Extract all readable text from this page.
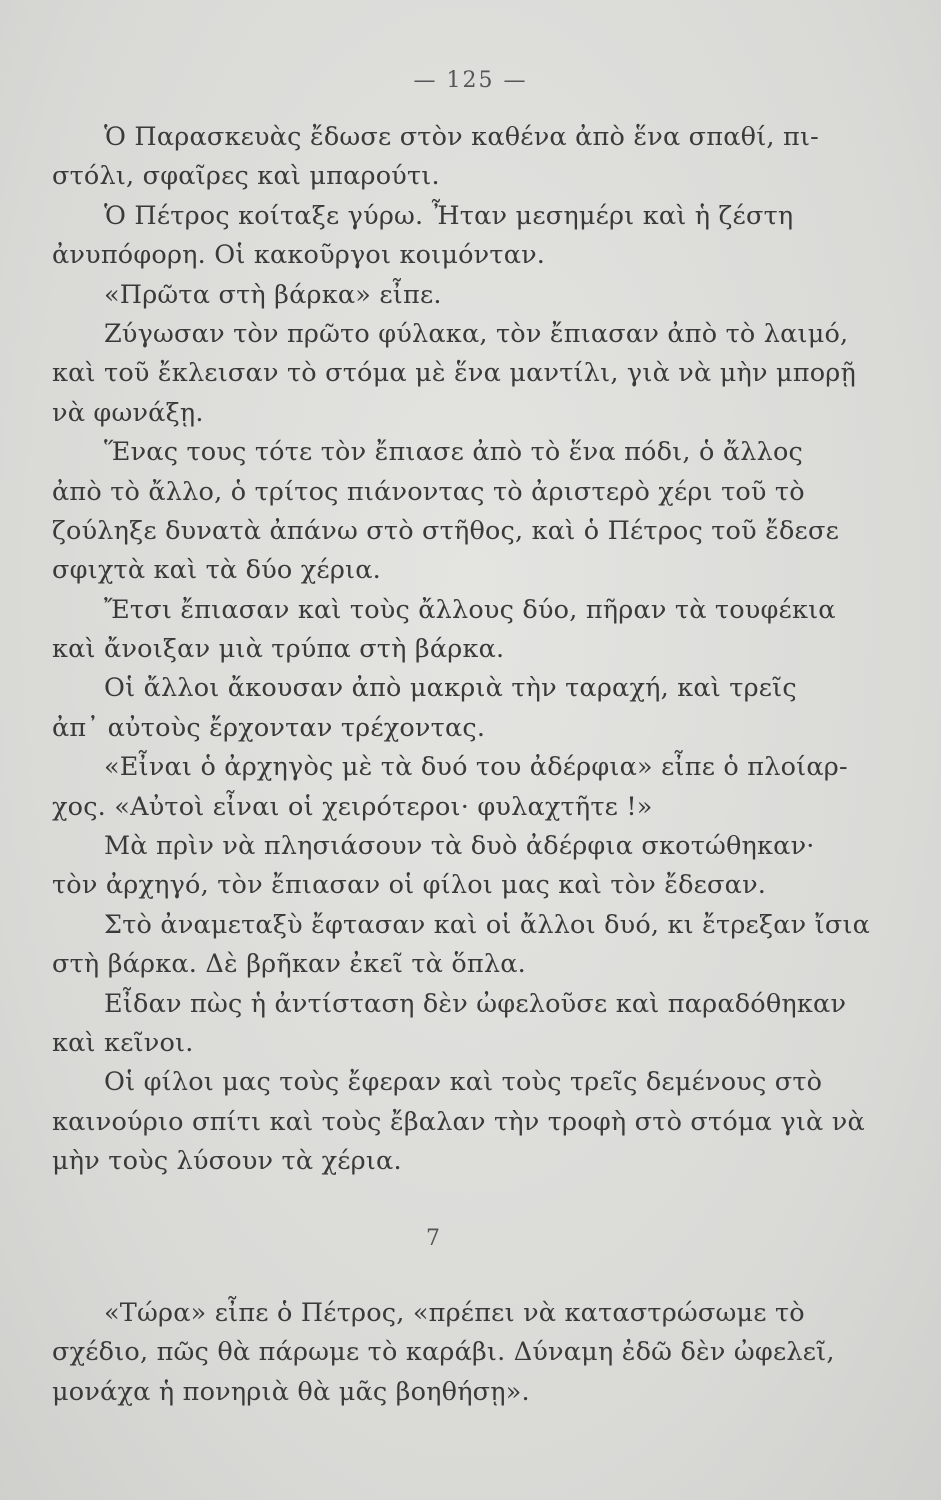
— 125 —
Ὁ Παρασκευὰς ἔδωσε στὸν καθένα ἀπὸ ἕνα σπαθί, πι-
στόλι, σφαῖρες καὶ μπαρούτι.
Ὁ Πέτρος κοίταξε γύρω. Ἦταν μεσημέρι καὶ ἡ ζέστη
ἀνυπόφορη. Οἱ κακοῦργοι κοιμόνταν.
«Πρῶτα στὴ βάρκα» εἶπε.
Ζύγωσαν τὸν πρῶτο φύλακα, τὸν ἔπιασαν ἀπὸ τὸ λαιμό,
καὶ τοῦ ἔκλεισαν τὸ στόμα μὲ ἕνα μαντίλι, γιὰ νὰ μὴν μπορῇ
νὰ φωνάξῃ.
Ἕνας τους τότε τὸν ἔπιασε ἀπὸ τὸ ἕνα πόδι, ὁ ἄλλος
ἀπὸ τὸ ἄλλο, ὁ τρίτος πιάνοντας τὸ ἀριστερὸ χέρι τοῦ τὸ
ζούληξε δυνατὰ ἀπάνω στὸ στῆθος, καὶ ὁ Πέτρος τοῦ ἔδεσε
σφιχτὰ καὶ τὰ δύο χέρια.
Ἔτσι ἔπιασαν καὶ τοὺς ἄλλους δύο, πῆραν τὰ τουφέκια
καὶ ἄνοιξαν μιὰ τρύπα στὴ βάρκα.
Οἱ ἄλλοι ἄκουσαν ἀπὸ μακριὰ τὴν ταραχή, καὶ τρεῖς
ἀπ᾽ αὐτοὺς ἔρχονταν τρέχοντας.
«Εἶναι ὁ ἀρχηγὸς μὲ τὰ δυό του ἀδέρφια» εἶπε ὁ πλοίαρ-
χος. «Αὐτοὶ εἶναι οἱ χειρότεροι· φυλαχτῆτε !»
Μὰ πρὶν νὰ πλησιάσουν τὰ δυὸ ἀδέρφια σκοτώθηκαν·
τὸν ἀρχηγό, τὸν ἔπιασαν οἱ φίλοι μας καὶ τὸν ἔδεσαν.
Στὸ ἀναμεταξὺ ἔφτασαν καὶ οἱ ἄλλοι δυό, κι ἔτρεξαν ἴσια
στὴ βάρκα. Δὲ βρῆκαν ἐκεῖ τὰ ὅπλα.
Εἶδαν πὼς ἡ ἀντίσταση δὲν ὠφελοῦσε καὶ παραδόθηκαν
καὶ κεῖνοι.
Οἱ φίλοι μας τοὺς ἔφεραν καὶ τοὺς τρεῖς δεμένους στὸ
καινούριο σπίτι καὶ τοὺς ἔβαλαν τὴν τροφὴ στὸ στόμα γιὰ νὰ
μὴν τοὺς λύσουν τὰ χέρια.
7
«Τώρα» εἶπε ὁ Πέτρος, «πρέπει νὰ καταστρώσωμε τὸ
σχέδιο, πῶς θὰ πάρωμε τὸ καράβι. Δύναμη ἐδῶ δὲν ὠφελεῖ,
μονάχα ἡ πονηριὰ θὰ μᾶς βοηθήσῃ».
